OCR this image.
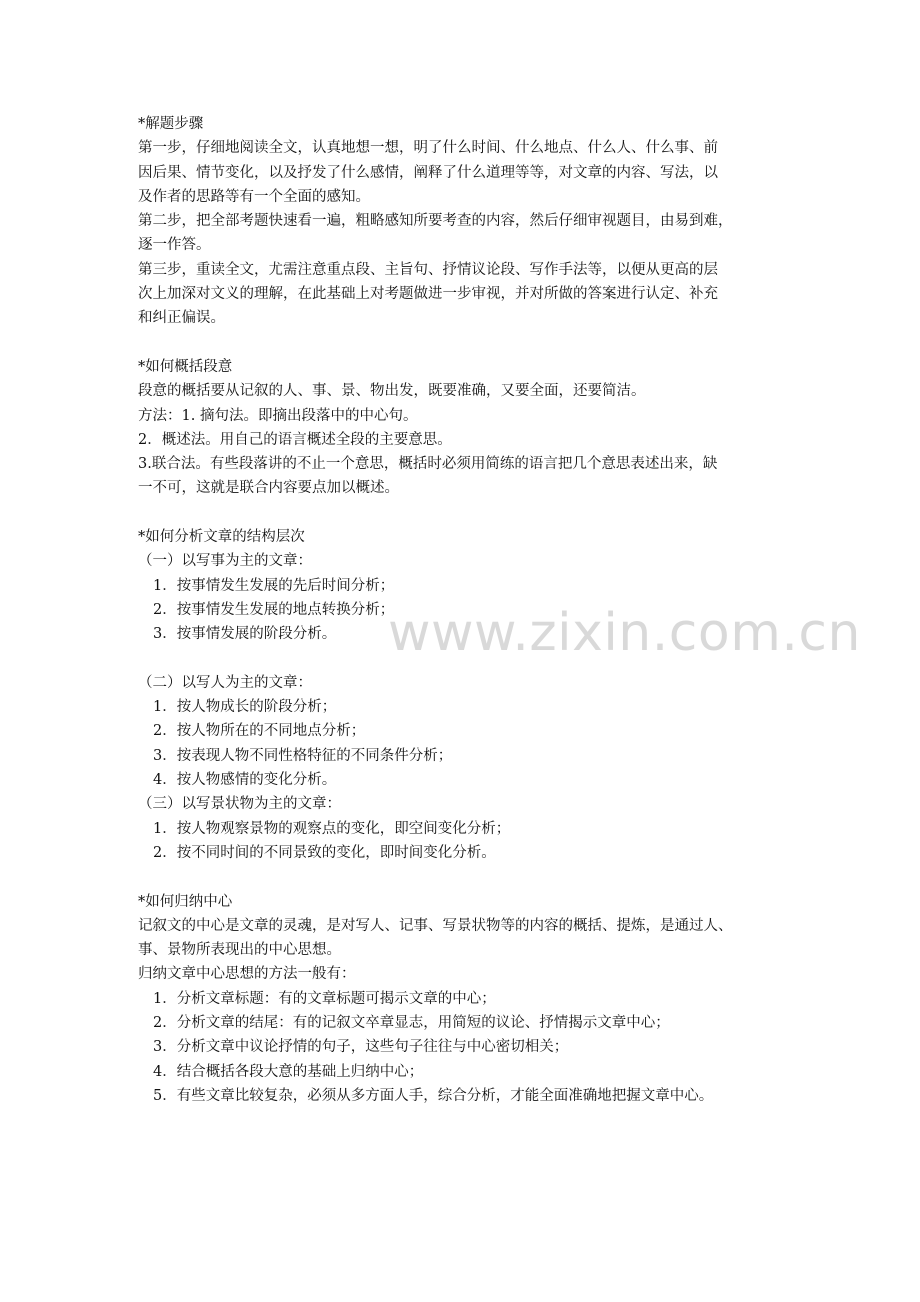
www.zixin.com.cn
*解题步骤
第一步，仔细地阅读全文，认真地想一想，明了什么时间、什么地点、什么人、什么事、前
因后果、情节变化，以及抒发了什么感情，阐释了什么道理等等，对文章的内容、写法，以
及作者的思路等有一个全面的感知。
第二步，把全部考题快速看一遍，粗略感知所要考查的内容，然后仔细审视题目，由易到难，
逐一作答。
第三步，重读全文，尤需注意重点段、主旨句、抒情议论段、写作手法等，以便从更高的层
次上加深对文义的理解，在此基础上对考题做进一步审视，并对所做的答案进行认定、补充
和纠正偏误。
*如何概括段意
段意的概括要从记叙的人、事、景、物出发，既要准确，又要全面，还要简洁。
方法：1. 摘句法。即摘出段落中的中心句。
2．概述法。用自己的语言概述全段的主要意思。
3.联合法。有些段落讲的不止一个意思，概括时必须用简练的语言把几个意思表述出来，缺
一不可，这就是联合内容要点加以概述。
*如何分析文章的结构层次
（一）以写事为主的文章：
1．按事情发生发展的先后时间分析；
2．按事情发生发展的地点转换分析；
3．按事情发展的阶段分析。
（二）以写人为主的文章：
1．按人物成长的阶段分析；
2．按人物所在的不同地点分析；
3．按表现人物不同性格特征的不同条件分析；
4．按人物感情的变化分析。
（三）以写景状物为主的文章：
1．按人物观察景物的观察点的变化，即空间变化分析；
2．按不同时间的不同景致的变化，即时间变化分析。
*如何归纳中心
记叙文的中心是文章的灵魂，是对写人、记事、写景状物等的内容的概括、提炼，是通过人、
事、景物所表现出的中心思想。
归纳文章中心思想的方法一般有：
1．分析文章标题：有的文章标题可揭示文章的中心；
2．分析文章的结尾：有的记叙文卒章显志，用简短的议论、抒情揭示文章中心；
3．分析文章中议论抒情的句子，这些句子往往与中心密切相关；
4．结合概括各段大意的基础上归纳中心；
5．有些文章比较复杂，必须从多方面人手，综合分析，才能全面准确地把握文章中心。
